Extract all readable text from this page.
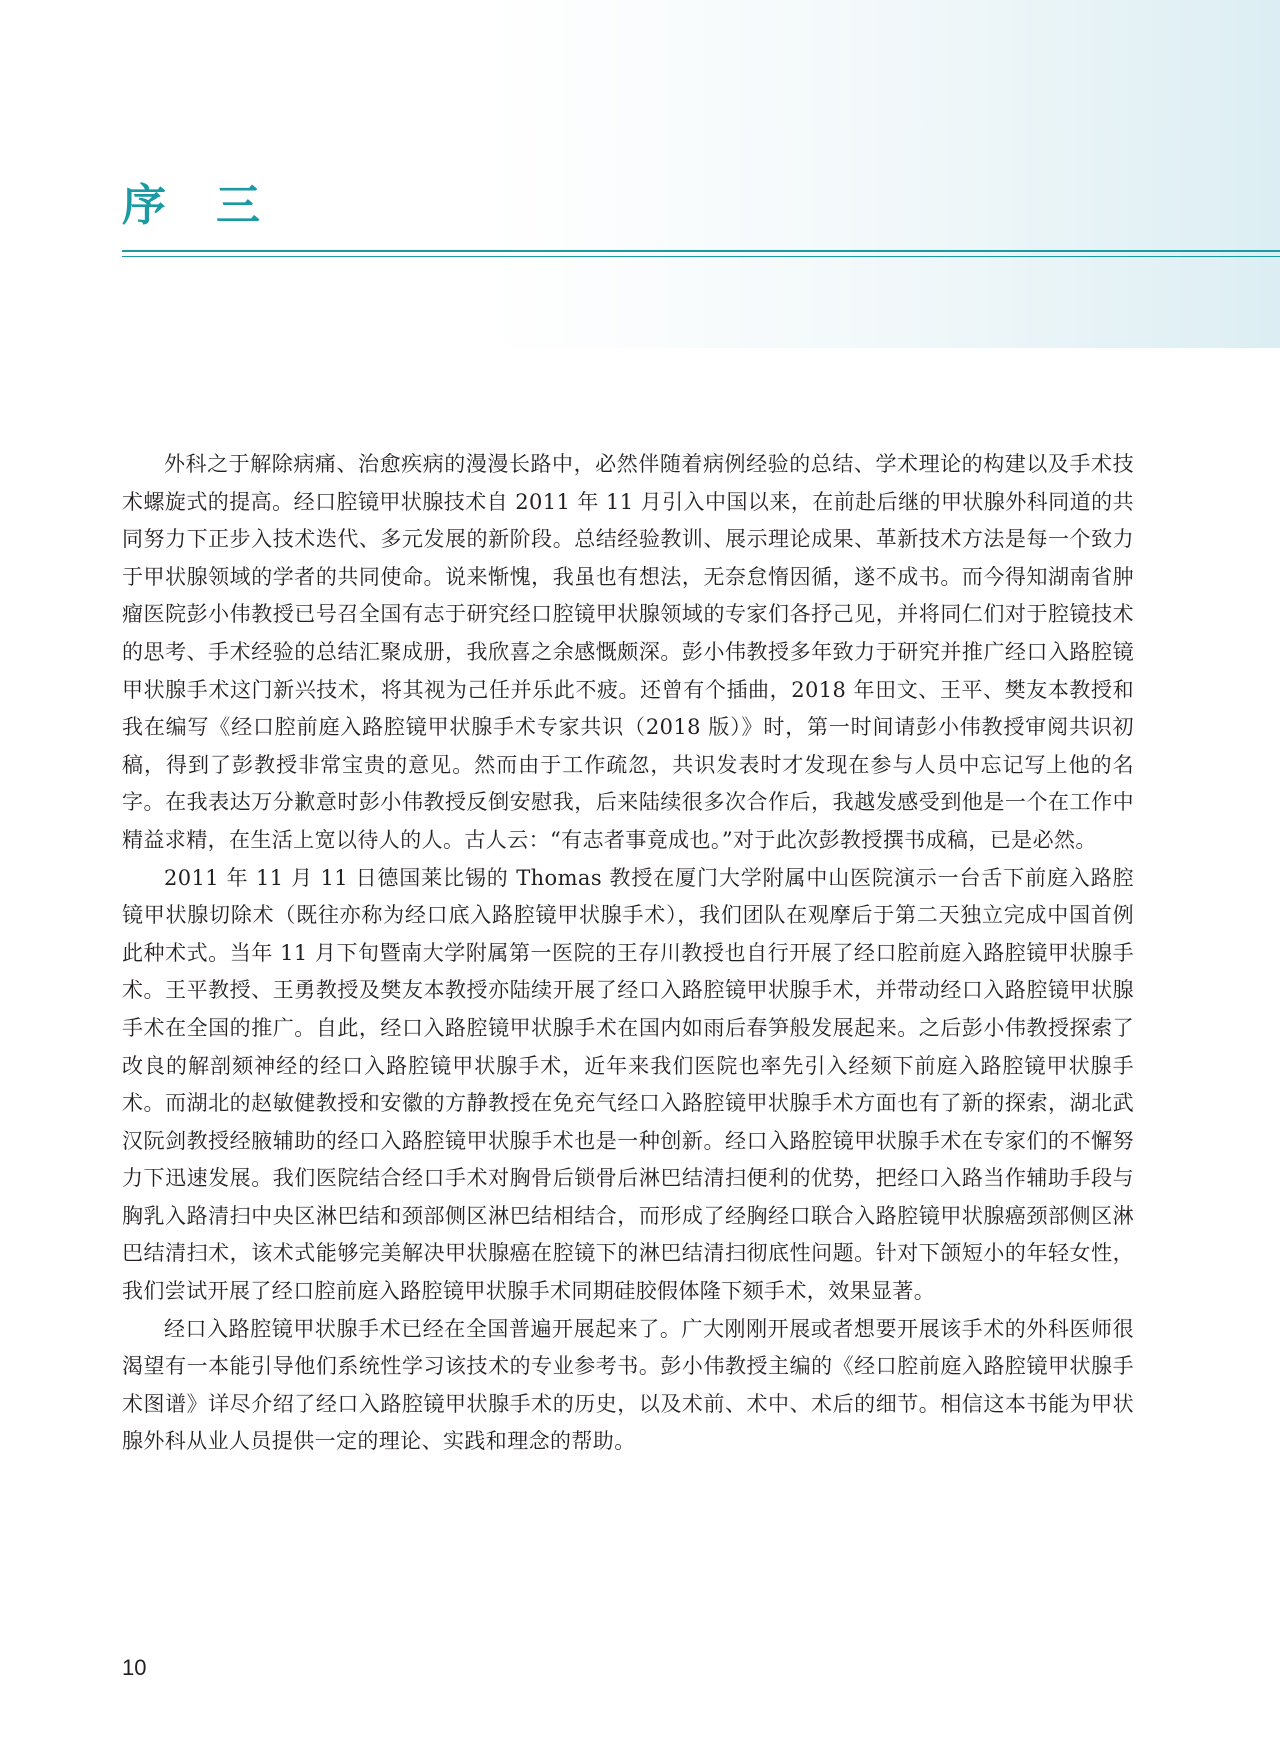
序三

外科之于解除病痛、治愈疾病的漫漫长路中，必然伴随着病例经验的总结、学术理论的构建以及手术技术螺旋式的提高。经口腔镜甲状腺技术自 2011 年 11 月引入中国以来，在前赴后继的甲状腺外科同道的共同努力下正步入技术迭代、多元发展的新阶段。总结经验教训、展示理论成果、革新技术方法是每一个致力于甲状腺领域的学者的共同使命。说来惭愧，我虽也有想法，无奈怠惰因循，遂不成书。而今得知湖南省肿瘤医院彭小伟教授已号召全国有志于研究经口腔镜甲状腺领域的专家们各抒己见，并将同仁们对于腔镜技术的思考、手术经验的总结汇聚成册，我欣喜之余感慨颇深。彭小伟教授多年致力于研究并推广经口入路腔镜甲状腺手术这门新兴技术，将其视为己任并乐此不疲。还曾有个插曲，2018 年田文、王平、樊友本教授和我在编写《经口腔前庭入路腔镜甲状腺手术专家共识（2018 版）》时，第一时间请彭小伟教授审阅共识初稿，得到了彭教授非常宝贵的意见。然而由于工作疏忽，共识发表时才发现在参与人员中忘记写上他的名字。在我表达万分歉意时彭小伟教授反倒安慰我，后来陆续很多次合作后，我越发感受到他是一个在工作中精益求精，在生活上宽以待人的人。古人云：“有志者事竟成也。”对于此次彭教授撰书成稿，已是必然。

2011 年 11 月 11 日德国莱比锡的 Thomas 教授在厦门大学附属中山医院演示一台舌下前庭入路腔镜甲状腺切除术（既往亦称为经口底入路腔镜甲状腺手术），我们团队在观摩后于第二天独立完成中国首例此种术式。当年 11 月下旬暨南大学附属第一医院的王存川教授也自行开展了经口腔前庭入路腔镜甲状腺手术。王平教授、王勇教授及樊友本教授亦陆续开展了经口入路腔镜甲状腺手术，并带动经口入路腔镜甲状腺手术在全国的推广。自此，经口入路腔镜甲状腺手术在国内如雨后春笋般发展起来。之后彭小伟教授探索了改良的解剖颏神经的经口入路腔镜甲状腺手术，近年来我们医院也率先引入经颏下前庭入路腔镜甲状腺手术。而湖北的赵敏健教授和安徽的方静教授在免充气经口入路腔镜甲状腺手术方面也有了新的探索，湖北武汉阮剑教授经腋辅助的经口入路腔镜甲状腺手术也是一种创新。经口入路腔镜甲状腺手术在专家们的不懈努力下迅速发展。我们医院结合经口手术对胸骨后锁骨后淋巴结清扫便利的优势，把经口入路当作辅助手段与胸乳入路清扫中央区淋巴结和颈部侧区淋巴结相结合，而形成了经胸经口联合入路腔镜甲状腺癌颈部侧区淋巴结清扫术，该术式能够完美解决甲状腺癌在腔镜下的淋巴结清扫彻底性问题。针对下颌短小的年轻女性，我们尝试开展了经口腔前庭入路腔镜甲状腺手术同期硅胶假体隆下颏手术，效果显著。

经口入路腔镜甲状腺手术已经在全国普遍开展起来了。广大刚刚开展或者想要开展该手术的外科医师很渴望有一本能引导他们系统性学习该技术的专业参考书。彭小伟教授主编的《经口腔前庭入路腔镜甲状腺手术图谱》详尽介绍了经口入路腔镜甲状腺手术的历史，以及术前、术中、术后的细节。相信这本书能为甲状腺外科从业人员提供一定的理论、实践和理念的帮助。

10
